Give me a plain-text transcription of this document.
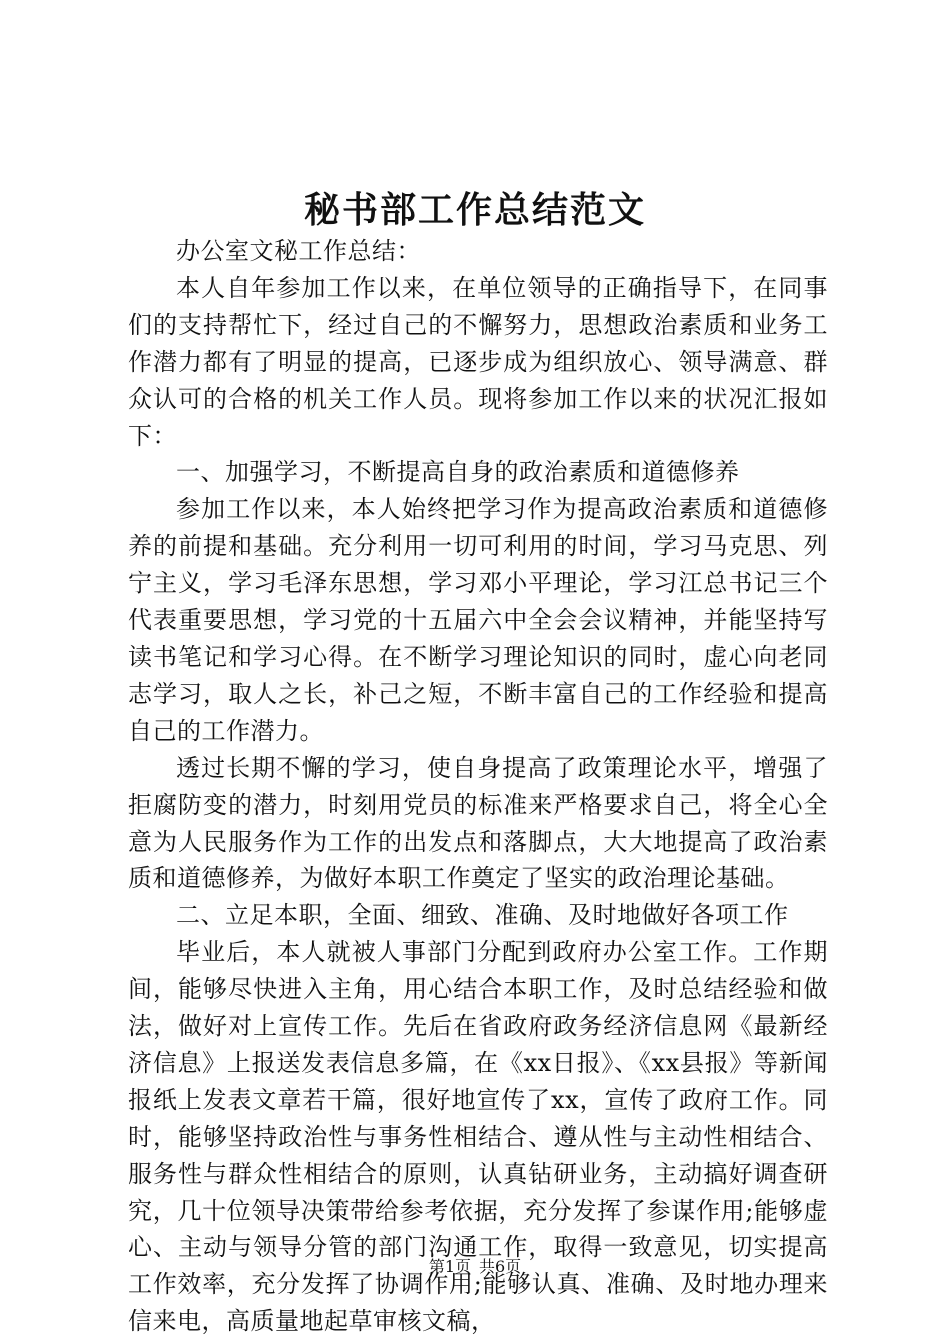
秘书部工作总结范文

办公室文秘工作总结：

本人自年参加工作以来，在单位领导的正确指导下，在同事们的支持帮忙下，经过自己的不懈努力，思想政治素质和业务工作潜力都有了明显的提高，已逐步成为组织放心、领导满意、群众认可的合格的机关工作人员。现将参加工作以来的状况汇报如下：

一、加强学习，不断提高自身的政治素质和道德修养

参加工作以来，本人始终把学习作为提高政治素质和道德修养的前提和基础。充分利用一切可利用的时间，学习马克思、列宁主义，学习毛泽东思想，学习邓小平理论，学习江总书记三个代表重要思想，学习党的十五届六中全会会议精神，并能坚持写读书笔记和学习心得。在不断学习理论知识的同时，虚心向老同志学习，取人之长，补己之短，不断丰富自己的工作经验和提高自己的工作潜力。

透过长期不懈的学习，使自身提高了政策理论水平，增强了拒腐防变的潜力，时刻用党员的标准来严格要求自己，将全心全意为人民服务作为工作的出发点和落脚点，大大地提高了政治素质和道德修养，为做好本职工作奠定了坚实的政治理论基础。

二、立足本职，全面、细致、准确、及时地做好各项工作

毕业后，本人就被人事部门分配到政府办公室工作。工作期间，能够尽快进入主角，用心结合本职工作，及时总结经验和做法，做好对上宣传工作。先后在省政府政务经济信息网《最新经济信息》上报送发表信息多篇，在《xx日报》、《xx县报》等新闻报纸上发表文章若干篇，很好地宣传了xx，宣传了政府工作。同时，能够坚持政治性与事务性相结合、遵从性与主动性相结合、服务性与群众性相结合的原则，认真钻研业务，主动搞好调查研究，几十位领导决策带给参考依据，充分发挥了参谋作用;能够虚心、主动与领导分管的部门沟通工作，取得一致意见，切实提高工作效率，充分发挥了协调作用;能够认真、准确、及时地办理来信来电，高质量地起草审核文稿，

第1页 共6页
